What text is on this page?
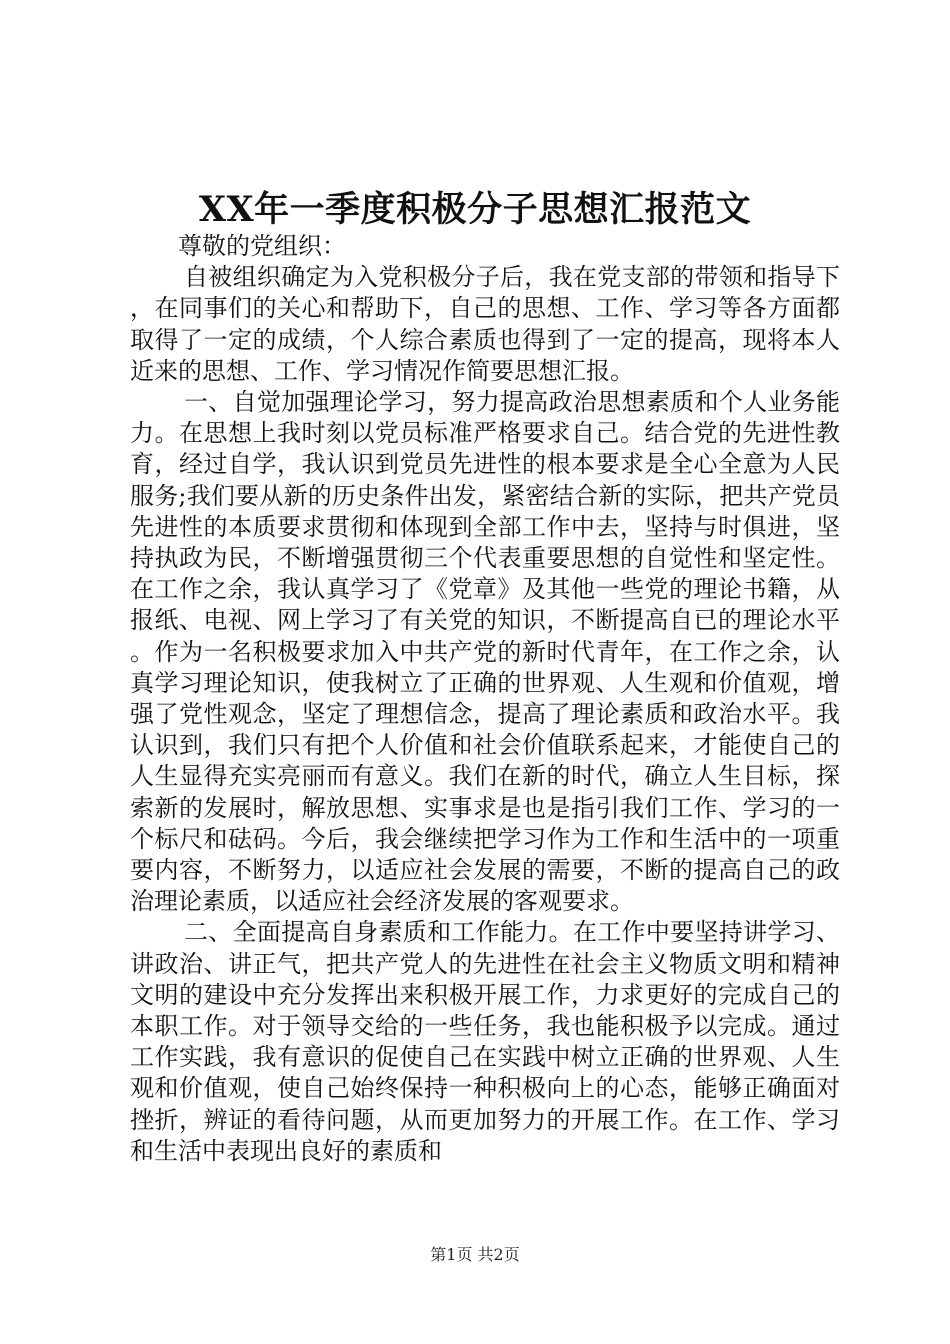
XX年一季度积极分子思想汇报范文

尊敬的党组织：

自被组织确定为入党积极分子后，我在党支部的带领和指导下，在同事们的关心和帮助下，自己的思想、工作、学习等各方面都取得了一定的成绩，个人综合素质也得到了一定的提高，现将本人近来的思想、工作、学习情况作简要思想汇报。

一、自觉加强理论学习，努力提高政治思想素质和个人业务能力。在思想上我时刻以党员标准严格要求自己。结合党的先进性教育，经过自学，我认识到党员先进性的根本要求是全心全意为人民服务;我们要从新的历史条件出发，紧密结合新的实际，把共产党员先进性的本质要求贯彻和体现到全部工作中去，坚持与时俱进，坚持执政为民，不断增强贯彻三个代表重要思想的自觉性和坚定性。在工作之余，我认真学习了《党章》及其他一些党的理论书籍，从报纸、电视、网上学习了有关党的知识，不断提高自已的理论水平。作为一名积极要求加入中共产党的新时代青年，在工作之余，认真学习理论知识，使我树立了正确的世界观、人生观和价值观，增强了党性观念，坚定了理想信念，提高了理论素质和政治水平。我认识到，我们只有把个人价值和社会价值联系起来，才能使自己的人生显得充实亮丽而有意义。我们在新的时代，确立人生目标，探索新的发展时，解放思想、实事求是也是指引我们工作、学习的一个标尺和砝码。今后，我会继续把学习作为工作和生活中的一项重要内容，不断努力，以适应社会发展的需要，不断的提高自己的政治理论素质，以适应社会经济发展的客观要求。

二、全面提高自身素质和工作能力。在工作中要坚持讲学习、讲政治、讲正气，把共产党人的先进性在社会主义物质文明和精神文明的建设中充分发挥出来积极开展工作，力求更好的完成自己的本职工作。对于领导交给的一些任务，我也能积极予以完成。通过工作实践，我有意识的促使自己在实践中树立正确的世界观、人生观和价值观，使自己始终保持一种积极向上的心态，能够正确面对挫折，辨证的看待问题，从而更加努力的开展工作。在工作、学习和生活中表现出良好的素质和

第1页 共2页
